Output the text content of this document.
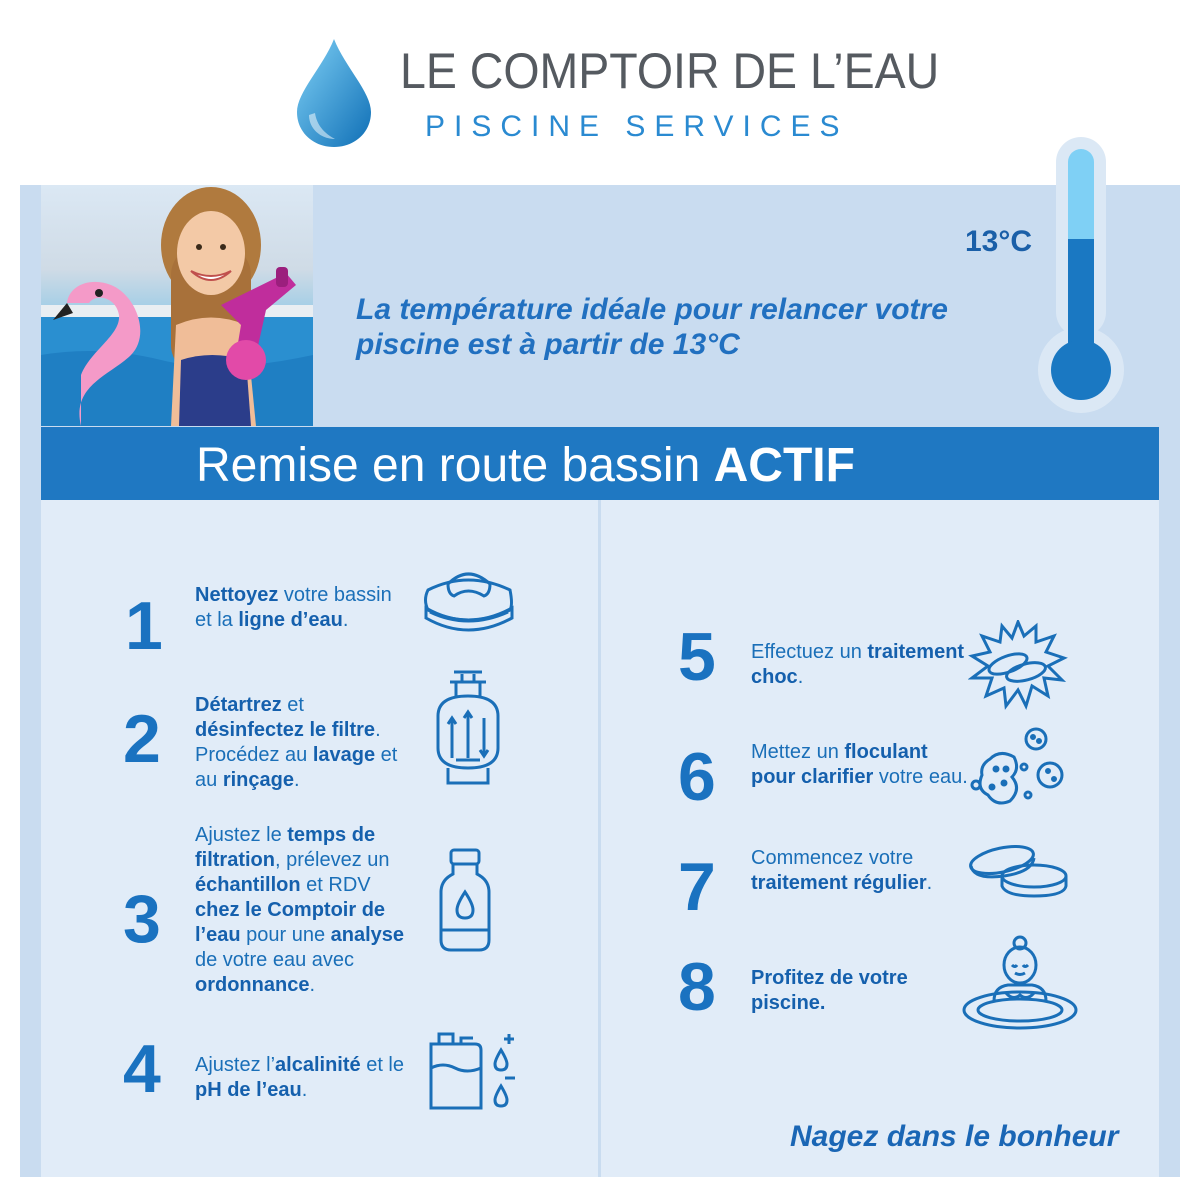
LE COMPTOIR DE L’EAU
PISCINE SERVICES
13°C
La température idéale pour relancer votre piscine est à partir de 13°C
Remise en route bassin ACTIF
1 Nettoyez votre bassin et la ligne d’eau.
2 Détartrez et désinfectez le filtre. Procédez au lavage et au rinçage.
3
Ajustez le temps de filtration, prélevez un échantillon et RDV chez le Comptoir de l’eau pour une analyse de votre eau avec ordonnance.
4 Ajustez l’alcalinité et le pH de l’eau.
5 Effectuez un traitement choc.
6 Mettez un floculant pour clarifier votre eau.
7 Commencez votre traitement régulier.
8 Profitez de votre piscine.
Nagez dans le bonheur
